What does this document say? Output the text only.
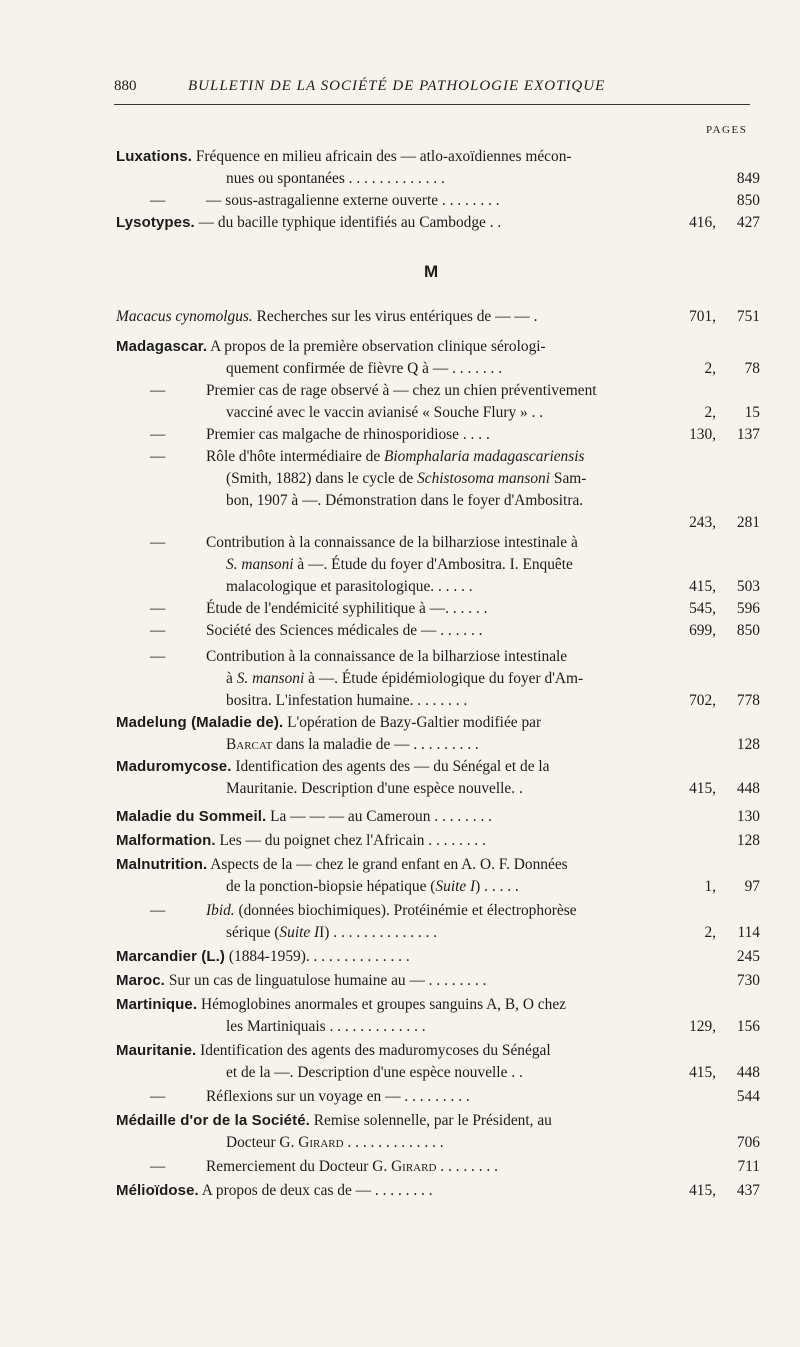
880	BULLETIN DE LA SOCIÉTÉ DE PATHOLOGIE EXOTIQUE
PAGES
M
Luxations. Fréquence en milieu africain des — atlo-axoïdiennes mécon-
nues ou spontanées . . . . . . . . . . . . .	849
—	— sous-astragalienne externe ouverte . . . . . . . .	850
Lysotypes. — du bacille typhique identifiés au Cambodge . .	416,	427
Macacus cynomolgus. Recherches sur les virus entériques de — — .	701,	751
Madagascar. A propos de la première observation clinique sérologi-
quement confirmée de fièvre Q à — . . . . . . .	2,	78
—	Premier cas de rage observé à — chez un chien préventivement
vacciné avec le vaccin avianisé « Souche Flury » . .	2,	15
—	Premier cas malgache de rhinosporidiose . . . .	130,	137
—	Rôle d'hôte intermédiaire de Biomphalaria madagascariensis
(Smith, 1882) dans le cycle de Schistosoma mansoni Sam-
bon, 1907 à —. Démonstration dans le foyer d'Ambositra.
243,	281
—	Contribution à la connaissance de la bilharziose intestinale à
S. mansoni à —. Étude du foyer d'Ambositra. I. Enquête
malacologique et parasitologique. . . . . .	415,	503
—	Étude de l'endémicité syphilitique à —. . . . . .	545,	596
—	Société des Sciences médicales de — . . . . . .	699,	850
—	Contribution à la connaissance de la bilharziose intestinale
à S. mansoni à —. Étude épidémiologique du foyer d'Am-
bositra. L'infestation humaine. . . . . . . .	702,	778
Madelung (Maladie de). L'opération de Bazy-Galtier modifiée par
Barcat dans la maladie de — . . . . . . . . .	128
Maduromycose. Identification des agents des — du Sénégal et de la
Mauritanie. Description d'une espèce nouvelle. .	415,	448
Maladie du Sommeil. La — — — au Cameroun . . . . . . . .	130
Malformation. Les — du poignet chez l'Africain . . . . . . . .	128
Malnutrition. Aspects de la — chez le grand enfant en A. O. F. Données
de la ponction-biopsie hépatique (Suite I) . . . . .	1,	97
—	Ibid. (données biochimiques). Protéinémie et électrophorèse
sérique (Suite II) . . . . . . . . . . . . . .	2,	114
Marcandier (L.) (1884-1959). . . . . . . . . . . . . .	245
Maroc. Sur un cas de linguatulose humaine au — . . . . . . . .	730
Martinique. Hémoglobines anormales et groupes sanguins A, B, O chez
les Martiniquais . . . . . . . . . . . . .	129,	156
Mauritanie. Identification des agents des maduromycoses du Sénégal
et de la —. Description d'une espèce nouvelle . .	415,	448
—	Réflexions sur un voyage en — . . . . . . . . .	544
Médaille d'or de la Société. Remise solennelle, par le Président, au
Docteur G. Girard . . . . . . . . . . . . .	706
—	Remerciement du Docteur G. Girard . . . . . . . .	711
Mélioïdose. A propos de deux cas de — . . . . . . . .	415,	437
